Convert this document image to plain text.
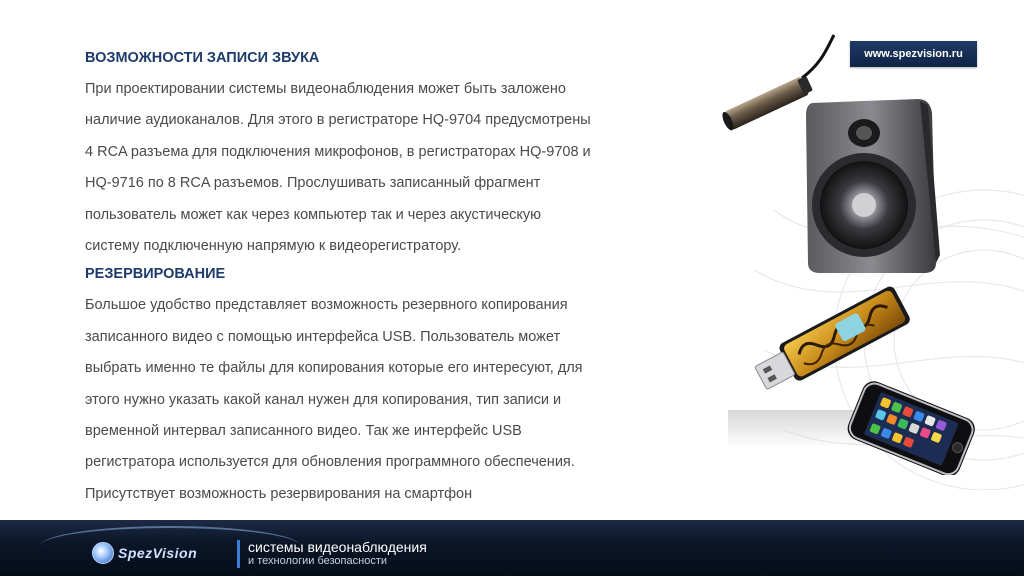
www.spezvision.ru
ВОЗМОЖНОСТИ ЗАПИСИ ЗВУКА
При проектировании системы видеонаблюдения может быть заложено
наличие аудиоканалов. Для этого в регистраторе HQ-9704 предусмотрены
4 RCA разъема для подключения микрофонов, в регистраторах HQ-9708 и
HQ-9716 по 8 RCA разъемов. Прослушивать записанный фрагмент
пользователь может как через компьютер так и через акустическую
систему подключенную напрямую к видеорегистратору.
РЕЗЕРВИРОВАНИЕ
Большое удобство представляет возможность резервного копирования
записанного видео с помощью интерфейса USB. Пользователь может
выбрать именно те файлы для копирования которые его интересуют, для
этого нужно указать какой канал нужен для копирования, тип записи и
временной интервал записанного видео. Так же интерфейс USB
регистратора используется для обновления программного обеспечения.
Присутствует возможность резервирования на смартфон
SpezVision	системы видеонаблюдения
и технологии безопасности
